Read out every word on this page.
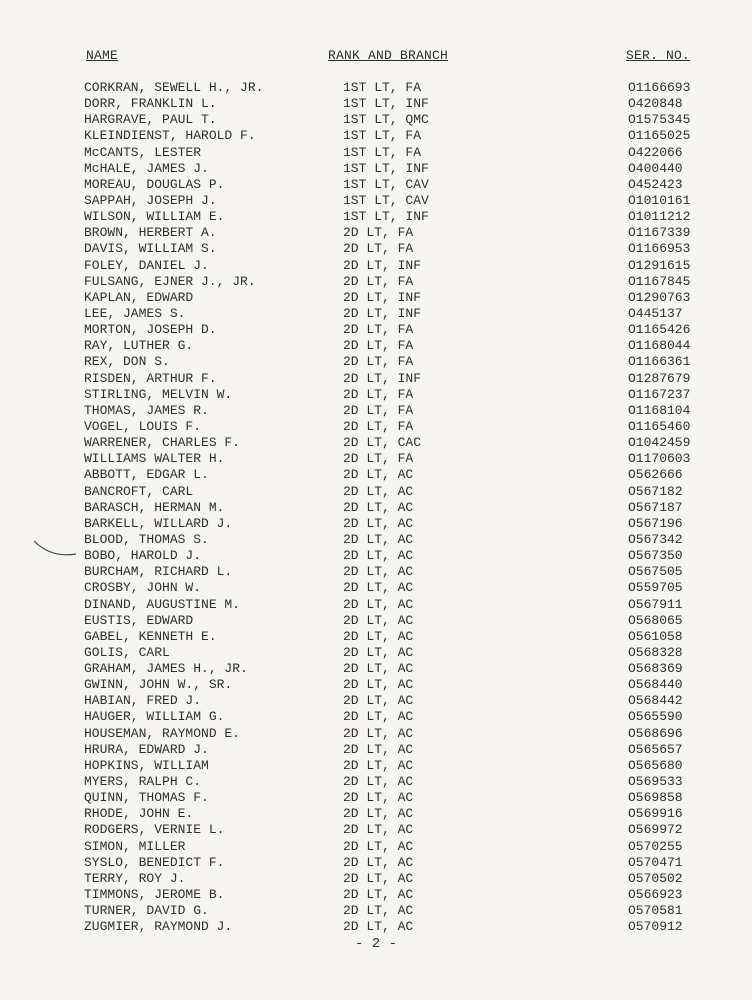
NAME	RANK AND BRANCH	SER. NO.
CORKRAN, SEWELL H., JR.	1ST LT, FA	O1166693
DORR, FRANKLIN L.	1ST LT, INF	O420848
HARGRAVE, PAUL T.	1ST LT, QMC	O1575345
KLEINDIENST, HAROLD F.	1ST LT, FA	O1165025
McCANTS, LESTER	1ST LT, FA	O422066
McHALE, JAMES J.	1ST LT, INF	O400440
MOREAU, DOUGLAS P.	1ST LT, CAV	O452423
SAPPAH, JOSEPH J.	1ST LT, CAV	O1010161
WILSON, WILLIAM E.	1ST LT, INF	O1011212
BROWN, HERBERT A.	2D LT, FA	O1167339
DAVIS, WILLIAM S.	2D LT, FA	O1166953
FOLEY, DANIEL J.	2D LT, INF	O1291615
FULSANG, EJNER J., JR.	2D LT, FA	O1167845
KAPLAN, EDWARD	2D LT, INF	O1290763
LEE, JAMES S.	2D LT, INF	O445137
MORTON, JOSEPH D.	2D LT, FA	O1165426
RAY, LUTHER G.	2D LT, FA	O1168044
REX, DON S.	2D LT, FA	O1166361
RISDEN, ARTHUR F.	2D LT, INF	O1287679
STIRLING, MELVIN W.	2D LT, FA	O1167237
THOMAS, JAMES R.	2D LT, FA	O1168104
VOGEL, LOUIS F.	2D LT, FA	O1165460
WARRENER, CHARLES F.	2D LT, CAC	O1042459
WILLIAMS WALTER H.	2D LT, FA	O1170603
ABBOTT, EDGAR L.	2D LT, AC	O562666
BANCROFT, CARL	2D LT, AC	O567182
BARASCH, HERMAN M.	2D LT, AC	O567187
BARKELL, WILLARD J.	2D LT, AC	O567196
BLOOD, THOMAS S.	2D LT, AC	O567342
BOBO, HAROLD J.	2D LT, AC	O567350
BURCHAM, RICHARD L.	2D LT, AC	O567505
CROSBY, JOHN W.	2D LT, AC	O559705
DINAND, AUGUSTINE M.	2D LT, AC	O567911
EUSTIS, EDWARD	2D LT, AC	O568065
GABEL, KENNETH E.	2D LT, AC	O561058
GOLIS, CARL	2D LT, AC	O568328
GRAHAM, JAMES H., JR.	2D LT, AC	O568369
GWINN, JOHN W., SR.	2D LT, AC	O568440
HABIAN, FRED J.	2D LT, AC	O568442
HAUGER, WILLIAM G.	2D LT, AC	O565590
HOUSEMAN, RAYMOND E.	2D LT, AC	O568696
HRURA, EDWARD J.	2D LT, AC	O565657
HOPKINS, WILLIAM	2D LT, AC	O565680
MYERS, RALPH C.	2D LT, AC	O569533
QUINN, THOMAS F.	2D LT, AC	O569858
RHODE, JOHN E.	2D LT, AC	O569916
RODGERS, VERNIE L.	2D LT, AC	O569972
SIMON, MILLER	2D LT, AC	O570255
SYSLO, BENEDICT F.	2D LT, AC	O570471
TERRY, ROY J.	2D LT, AC	O570502
TIMMONS, JEROME B.	2D LT, AC	O566923
TURNER, DAVID G.	2D LT, AC	O570581
ZUGMIER, RAYMOND J.	2D LT, AC	O570912
- 2 -
